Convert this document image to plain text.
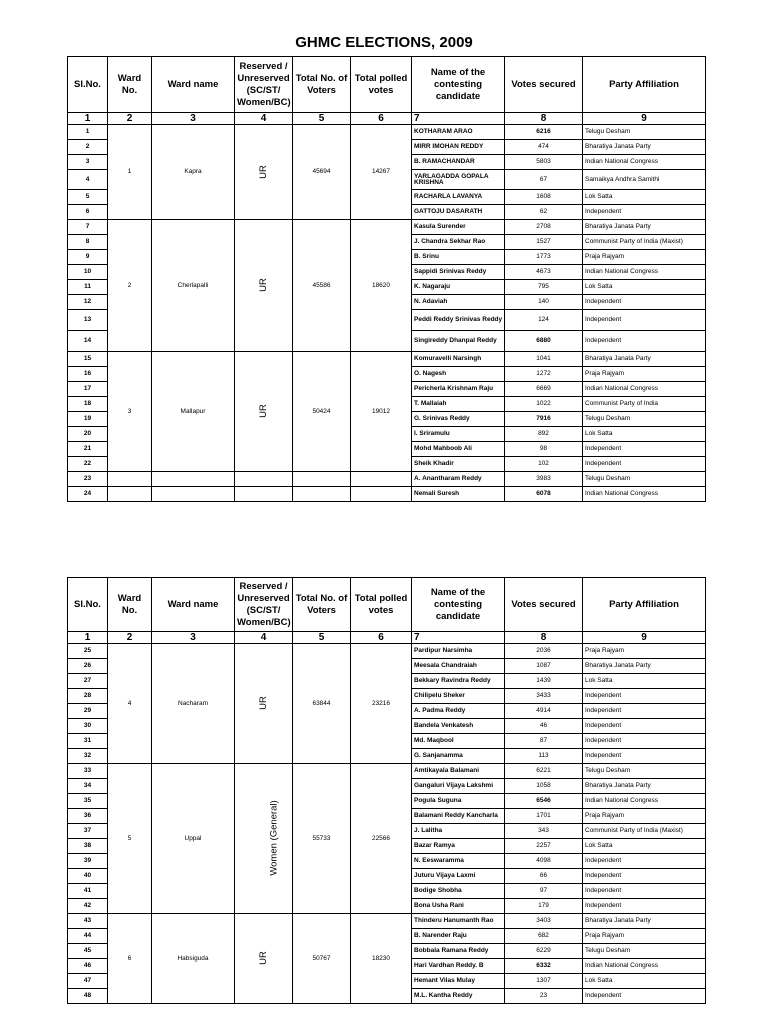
GHMC ELECTIONS, 2009
Sl.No.	Ward No.	Ward name	Reserved / Unreserved (SC/ST/ Women/BC)	Total No. of Voters	Total polled votes	Name of the contesting candidate	Votes secured	Party Affiliation
1	2	3	4	5	6	7	8	9
1	1	Kapra	UR	45694	14267	KOTHARAM ARAO	6216	Telugu Desham
2						MIRR IMOHAN REDDY	474	Bharatiya Janata Party
3						B. RAMACHANDAR	5803	Indian National Congress
4						YARLAGADDA GOPALA KRISHNA	67	Samaikya Andhra Samithi
5						RACHARLA LAVANYA	1608	Lok Satta
6						GATTOJU DASARATH	62	Independent
7	2	Cherlapalli	UR	45586	18620	Kasula Surender	2708	Bharatiya Janata Party
8						J. Chandra Sekhar Rao	1527	Communist Party of India (Maxist)
9						B. Srinu	1773	Praja Rajyam
10						Sappidi Srinivas Reddy	4673	Indian National Congress
11						K. Nagaraju	795	Lok Satta
12						N. Adaviah	140	Independent
13						Peddi Reddy Srinivas Reddy	124	Independent
14						Singireddy Dhanpal Reddy	6880	Independent
15	3	Mallapur	UR	50424	19012	Komuravelli Narsingh	1041	Bharatiya Janata Party
16						O. Nagesh	1272	Praja Rajyam
17						Pericherla Krishnam Raju	6669	Indian National Congress
18						T. Mallaiah	1022	Communist Party of India
19						G. Srinivas Reddy	7916	Telugu Desham
20						I. Sriramulu	892	Lok Satta
21						Mohd Mahboob Ali	98	Independent
22						Sheik Khadir	102	Independent
23						A. Anantharam Reddy	3983	Telugu Desham
24						Nemali Suresh	6078	Indian National Congress
Sl.No.	Ward No.	Ward name	Reserved / Unreserved (SC/ST/ Women/BC)	Total No. of Voters	Total polled votes	Name of the contesting candidate	Votes secured	Party Affiliation
1	2	3	4	5	6	7	8	9
25	4	Nacharam	UR	63844	23216	Pardipur Narsimha	2036	Praja Rajyam
26						Meesala Chandraiah	1087	Bharatiya Janata Party
27						Bekkary Ravindra Reddy	1439	Lok Satta
28						Chilipelu Sheker	3433	Independent
29						A. Padma Reddy	4914	Independent
30						Bandela Venkatesh	46	Independent
31						Md. Maqbool	87	Independent
32						G. Sanjanamma	113	Independent
33	5	Uppal	Women (General)	55733	22566	Amtikayala Balamani	6221	Telugu Desham
34						Gangaluri Vijaya Lakshmi	1058	Bharatiya Janata Party
35						Pogula Suguna	6546	Indian National Congress
36						Balamani Reddy Kancharla	1701	Praja Rajyam
37						J. Lalitha	343	Communist Party of India (Maxist)
38						Bazar Ramya	2257	Lok Satta
39						N. Eeswaramma	4098	Independent
40						Juturu Vijaya Laxmi	66	Independent
41						Bodige Shobha	97	Independent
42						Bona Usha Rani	179	Independent
43	6	Habsiguda	UR	50767	18230	Thinderu Hanumanth Rao	3403	Bharatiya Janata Party
44						B. Narender Raju	682	Praja Rajyam
45						Bobbala Ramana Reddy	6229	Telugu Desham
46						Hari Vardhan Reddy. B	6332	Indian National Congress
47						Hemant Vilas Mulay	1307	Lok Satta
48						M.L. Kantha Reddy	23	Independent
